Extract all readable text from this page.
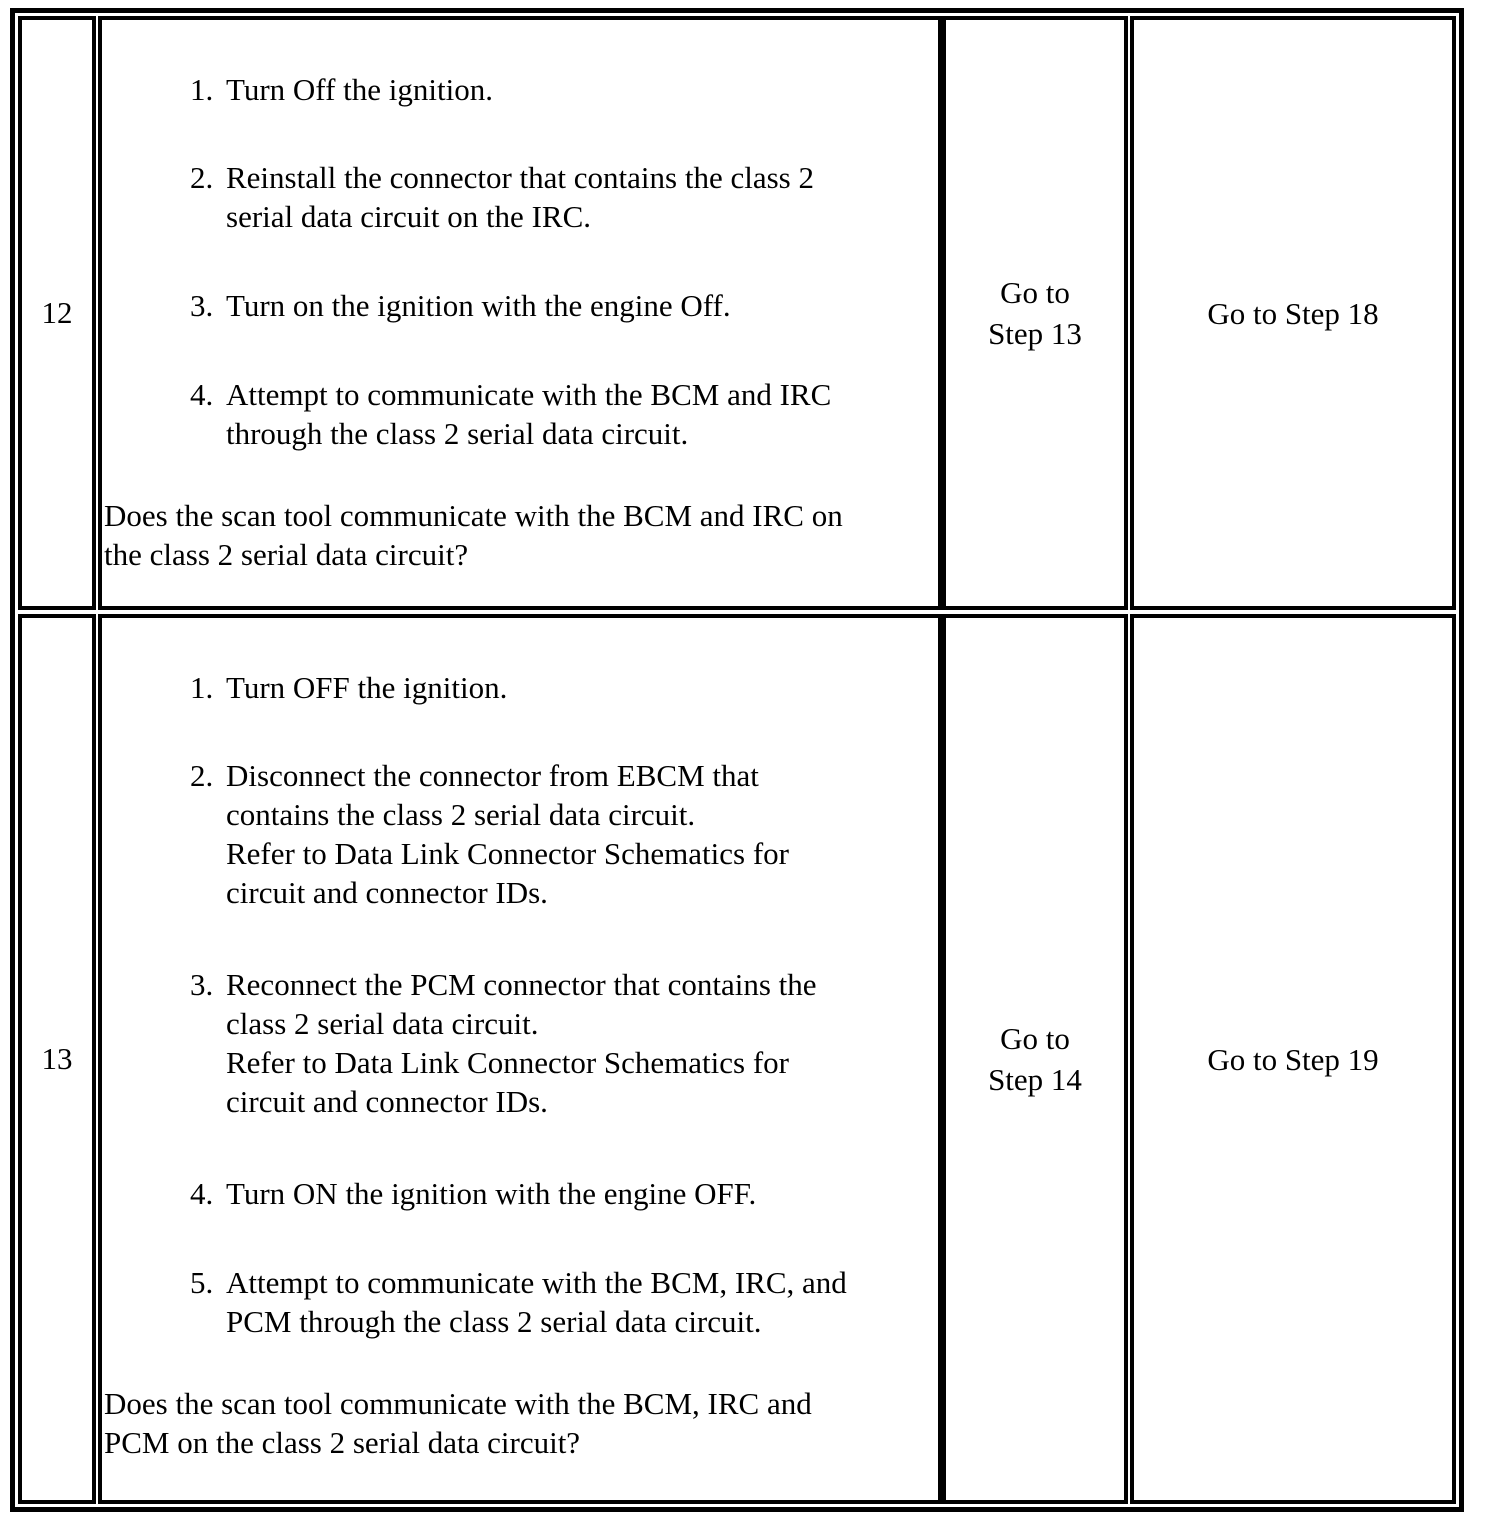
12
1. Turn Off the ignition.
2. Reinstall the connector that contains the class 2
serial data circuit on the IRC.
3. Turn on the ignition with the engine Off.
4. Attempt to communicate with the BCM and IRC
through the class 2 serial data circuit.
Does the scan tool communicate with the BCM and IRC on
the class 2 serial data circuit?
Go to
Step 13
Go to Step 18
13
1. Turn OFF the ignition.
2. Disconnect the connector from EBCM that
contains the class 2 serial data circuit.
Refer to Data Link Connector Schematics for
circuit and connector IDs.
3. Reconnect the PCM connector that contains the
class 2 serial data circuit.
Refer to Data Link Connector Schematics for
circuit and connector IDs.
4. Turn ON the ignition with the engine OFF.
5. Attempt to communicate with the BCM, IRC, and
PCM through the class 2 serial data circuit.
Does the scan tool communicate with the BCM, IRC and
PCM on the class 2 serial data circuit?
Go to
Step 14
Go to Step 19
